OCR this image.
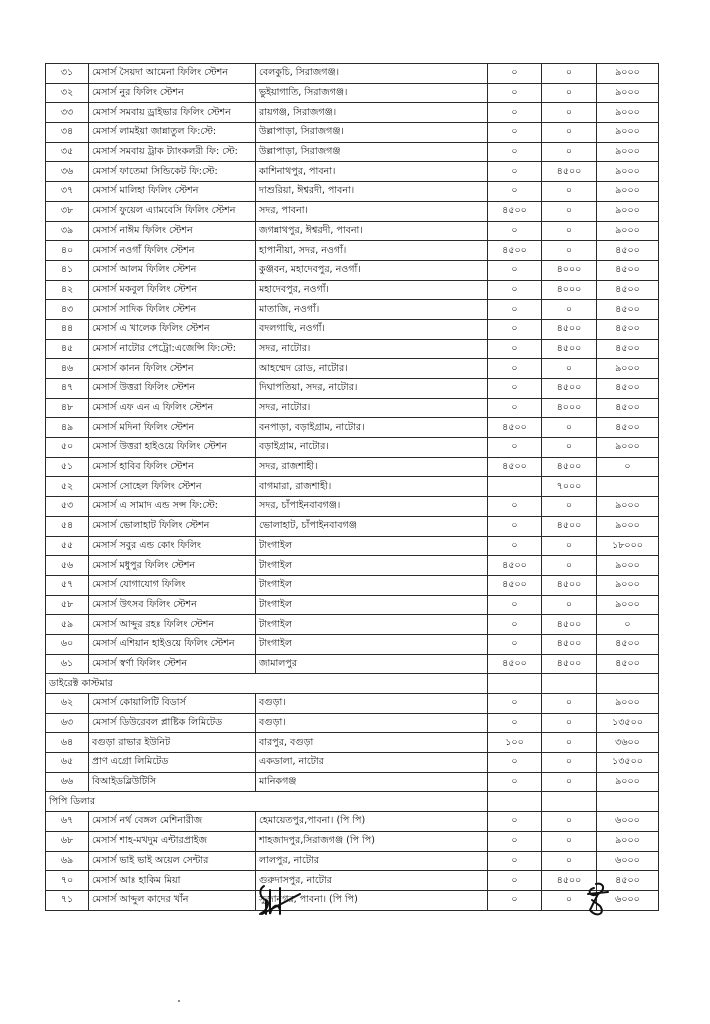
৩১	মেসার্স সৈয়দা আমেনা ফিলিং স্টেশন	বেলকুচি, সিরাজগঞ্জ।	০	০	৯০০০
৩২	মেসার্স নুর ফিলিং স্টেশন	ভুইয়াগাতি, সিরাজগঞ্জ।	০	০	৯০০০
৩৩	মেসার্স সমবায় ড্রাইভার ফিলিং স্টেশন	রায়গঞ্জ, সিরাজগঞ্জ।	০	০	৯০০০
৩৪	মেসার্স লামইয়া জান্নাতুল ফি:স্টে:	উল্লাপাড়া, সিরাজগঞ্জ।	০	০	৯০০০
৩৫	মেসার্স সমবায় ট্রাক ট্যাংকলরী ফি: স্টে:	উল্লাপাড়া, সিরাজগঞ্জ	০	০	৯০০০
৩৬	মেসার্স ফাতেমা সিন্ডিকেট ফি:স্টে:	কাশিনাথপুর, পাবনা।	০	৪৫০০	৯০০০
৩৭	মেসার্স মালিহা ফিলিং স্টেশন	দাশুরিয়া, ঈশ্বরদী, পাবনা।	০	০	৯০০০
৩৮	মেসার্স ফুয়েল এ্যামবেসি ফিলিং স্টেশন	সদর, পাবনা।	৪৫০০	০	৯০০০
৩৯	মেসার্স নাঈম ফিলিং স্টেশন	জগন্নাথপুর, ঈশ্বরদী, পাবনা।	০	০	৯০০০
৪০	মেসার্স নওগাঁ ফিলিং স্টেশন	হাপানীয়া, সদর, নওগাঁ।	৪৫০০	০	৪৫০০
৪১	মেসার্স আলম ফিলিং স্টেশন	কুঞ্জবন, মহাদেবপুর, নওগাঁ।	০	৪০০০	৪৫০০
৪২	মেসার্স মকবুল ফিলিং স্টেশন	মহাদেবপুর, নওগাঁ।	০	৪০০০	৪৫০০
৪৩	মেসার্স সাদিক ফিলিং স্টেশন	মাতাজি, নওগাঁ।	০	০	৪৫০০
৪৪	মেসার্স এ খালেক ফিলিং স্টেশন	বদলগাছি, নওগাঁ।	০	৪৫০০	৪৫০০
৪৫	মেসার্স নাটোর পেট্রো:এজেন্সি ফি:স্টে:	সদর, নাটোর।	০	৪৫০০	৪৫০০
৪৬	মেসার্স কানন ফিলিং স্টেশন	আহম্মেদ রোড, নাটোর।	০	০	৯০০০
৪৭	মেসার্স উত্তরা ফিলিং স্টেশন	দিঘাপতিয়া, সদর, নাটোর।	০	৪৫০০	৪৫০০
৪৮	মেসার্স এফ এন এ ফিলিং স্টেশন	সদর, নাটোর।	০	৪০০০	৪৫০০
৪৯	মেসার্স মদিনা ফিলিং স্টেশন	বনপাড়া, বড়াইগ্রাম, নাটোর।	৪৫০০	০	৪৫০০
৫০	মেসার্স উত্তরা হাইওয়ে ফিলিং স্টেশন	বড়াইগ্রাম, নাটোর।	০	০	৯০০০
৫১	মেসার্স হাবিব ফিলিং স্টেশন	সদর, রাজশাহী।	৪৫০০	৪৫০০	০
৫২	মেসার্স সোহেল ফিলিং স্টেশন	বাগমারা, রাজশাহী।		৭০০০	
৫৩	মেসার্স এ সামাদ এন্ড সন্স ফি:স্টে:	সদর, চাঁপাইনবাবগঞ্জ।	০	০	৯০০০
৫৪	মেসার্স ভোলাহাট ফিলিং স্টেশন	ভোলাহাট, চাঁপাইনবাবগঞ্জ	০	৪৫০০	৯০০০
৫৫	মেসার্স সবুর এন্ড কোং ফিলিং	টাংগাইল	০	০	১৮০০০
৫৬	মেসার্স মধুপুর ফিলিং স্টেশন	টাংগাইল	৪৫০০	০	৯০০০
৫৭	মেসার্স যোগাযোগ ফিলিং	টাংগাইল	৪৫০০	৪৫০০	৯০০০
৫৮	মেসার্স উৎসব ফিলিং স্টেশন	টাংগাইল	০	০	৯০০০
৫৯	মেসার্স আব্দুর রহঃ ফিলিং স্টেশন	টাংগাইল	০	৪৫০০	০
৬০	মেসার্স এশিয়ান হাইওয়ে ফিলিং স্টেশন	টাংগাইল	০	৪৫০০	৪৫০০
৬১	মেসার্স স্বর্ণা ফিলিং স্টেশন	জামালপুর	৪৫০০	৪৫০০	৪৫০০
ডাইরেক্ট কাস্টমার					
৬২	মেসার্স কোয়ালিটি বিডার্স	বগুড়া।	০	০	৯০০০
৬৩	মেসার্স ডিউরেবল প্লাষ্টিক লিমিটেড	বগুড়া।	০	০	১৩৫০০
৬৪	বগুড়া রাভার ইউনিট	বারপুর, বগুড়া	১০০	০	৩৬০০
৬৫	প্রাণ এগ্রো লিমিটেড	একডালা, নাটোর	০	০	১৩৫০০
৬৬	বিআইডব্লিউটিসি	মানিকগঞ্জ	০	০	৯০০০
পিপি ডিলার					
৬৭	মেসার্স নর্থ বেঙ্গল মেশিনারীজ	হেমায়েতপুর,পাবনা। (পি পি)	০	০	৬০০০
৬৮	মেসার্স শাহ-মখদুম এন্টারপ্রাইজ	শাহজাদপুর,সিরাজগঞ্জ (পি পি)	০	০	৯০০০
৬৯	মেসার্স ভাই ভাই অয়েল সেন্টার	লালপুর, নাটোর	০	০	৬০০০
৭০	মেসার্স আঃ হাকিম মিয়া	গুরুদাসপুর, নাটোর	০	৪৫০০	৪৫০০
৭১	মেসার্স আব্দুল কাদের খাঁন	সুজানগর, পাবনা। (পি পি)	০	০	৬০০০
